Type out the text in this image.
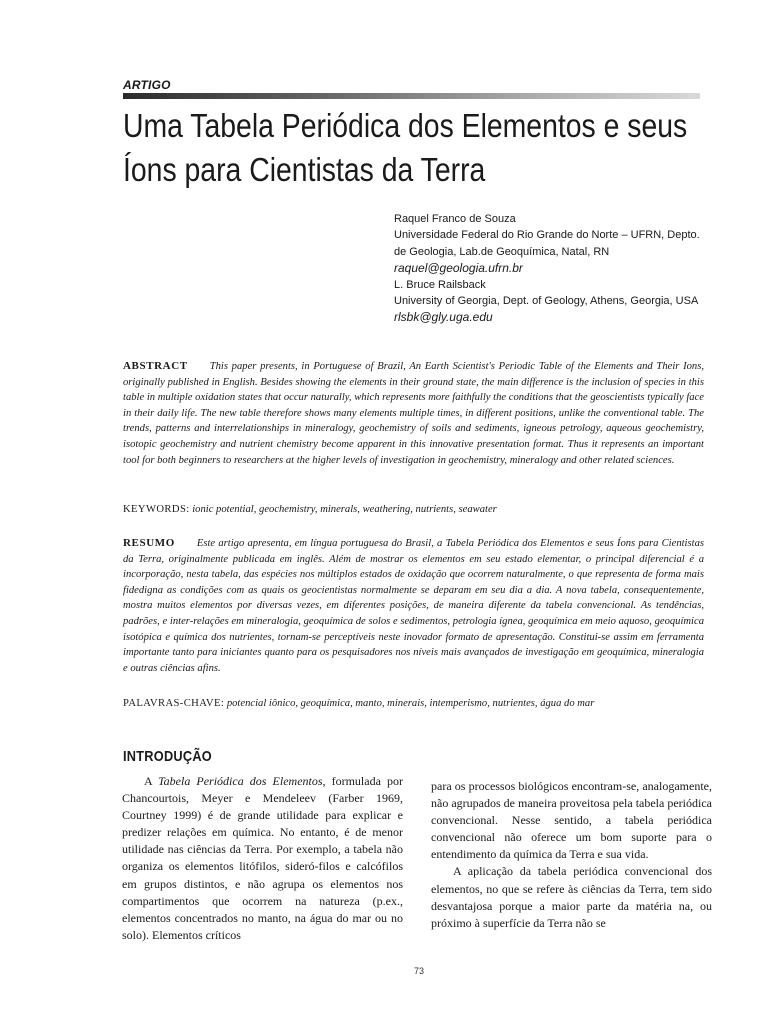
ARTIGO
Uma Tabela Periódica dos Elementos e seus
Íons para Cientistas da Terra
Raquel Franco de Souza
Universidade Federal do Rio Grande do Norte – UFRN, Depto.
de Geologia, Lab.de Geoquímica, Natal, RN
raquel@geologia.ufrn.br
L. Bruce Railsback
University of Georgia, Dept. of Geology, Athens, Georgia, USA
rlsbk@gly.uga.edu
ABSTRACT This paper presents, in Portuguese of Brazil, An Earth Scientist's Periodic Table of the Elements and Their Ions, originally published in English. Besides showing the elements in their ground state, the main difference is the inclusion of species in this table in multiple oxidation states that occur naturally, which represents more faithfully the conditions that the geoscientists typically face in their daily life. The new table therefore shows many elements multiple times, in different positions, unlike the conventional table. The trends, patterns and interrelationships in mineralogy, geochemistry of soils and sediments, igneous petrology, aqueous geochemistry, isotopic geochemistry and nutrient chemistry become apparent in this innovative presentation format. Thus it represents an important tool for both beginners to researchers at the higher levels of investigation in geochemistry, mineralogy and other related sciences.
KEYWORDS: ionic potential, geochemistry, minerals, weathering, nutrients, seawater
RESUMO Este artigo apresenta, em língua portuguesa do Brasil, a Tabela Periódica dos Elementos e seus Íons para Cientistas da Terra, originalmente publicada em inglês. Além de mostrar os elementos em seu estado elementar, o principal diferencial é a incorporação, nesta tabela, das espécies nos múltiplos estados de oxidação que ocorrem naturalmente, o que representa de forma mais fidedigna as condições com as quais os geocientistas normalmente se deparam em seu dia a dia. A nova tabela, consequentemente, mostra muitos elementos por diversas vezes, em diferentes posições, de maneira diferente da tabela convencional. As tendências, padrões, e inter-relações em mineralogia, geoquímica de solos e sedimentos, petrologia ígnea, geoquímica em meio aquoso, geoquímica isotópica e química dos nutrientes, tornam-se perceptíveis neste inovador formato de apresentação. Constitui-se assim em ferramenta importante tanto para iniciantes quanto para os pesquisadores nos níveis mais avançados de investigação em geoquímica, mineralogia e outras ciências afins.
PALAVRAS-CHAVE: potencial iônico, geoquímica, manto, minerais, intemperismo, nutrientes, água do mar
INTRODUÇÃO

A Tabela Periódica dos Elementos, formulada por Chancourtois, Meyer e Mendeleev (Farber 1969, Courtney 1999) é de grande utilidade para explicar e predizer relações em química. No entanto, é de menor utilidade nas ciências da Terra. Por exemplo, a tabela não organiza os elementos litófilos, sideró-filos e calcófilos em grupos distintos, e não agrupa os elementos nos compartimentos que ocorrem na natureza (p.ex., elementos concentrados no manto, na água do mar ou no solo). Elementos críticos

para os processos biológicos encontram-se, analogamente, não agrupados de maneira proveitosa pela tabela periódica convencional. Nesse sentido, a tabela periódica convencional não oferece um bom suporte para o entendimento da química da Terra e sua vida.

A aplicação da tabela periódica convencional dos elementos, no que se refere às ciências da Terra, tem sido desvantajosa porque a maior parte da matéria na, ou próximo à superfície da Terra não se

73
